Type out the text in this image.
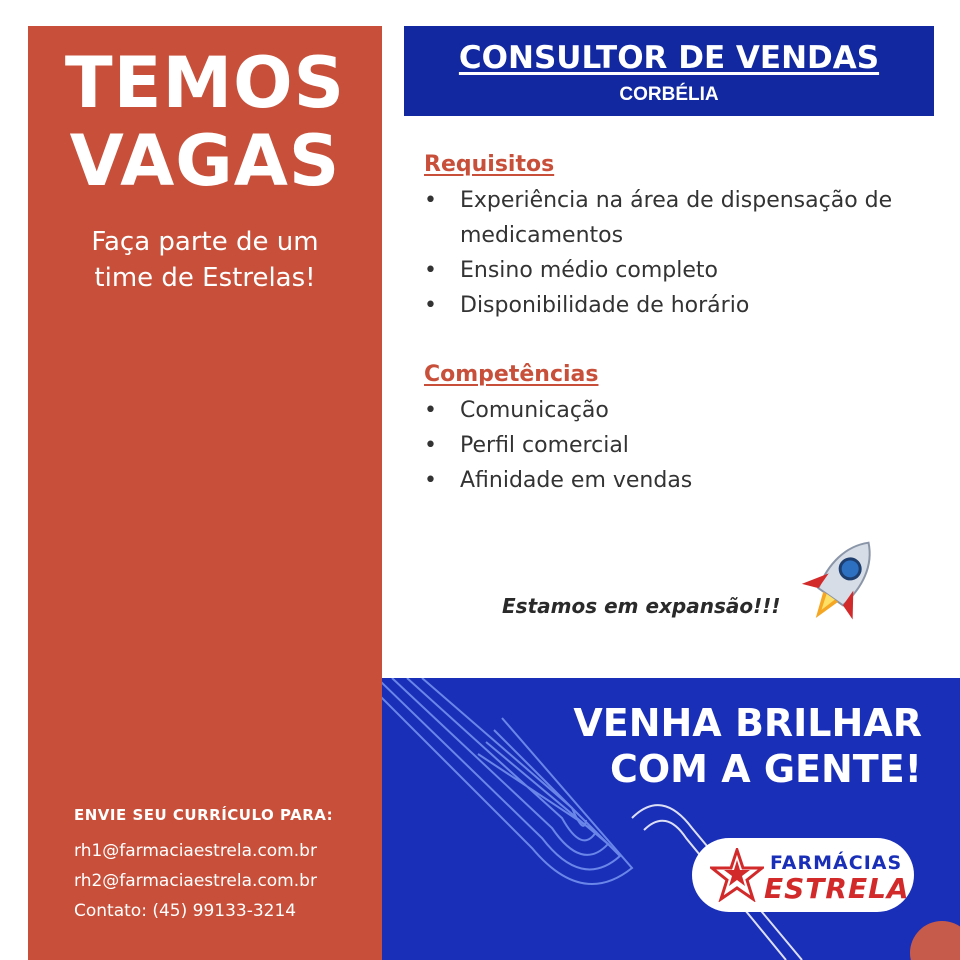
TEMOS
VAGAS
Faça parte de um
time de Estrelas!
ENVIE SEU CURRÍCULO PARA:
rh1@farmaciaestrela.com.br
rh2@farmaciaestrela.com.br
Contato: (45) 99133-3214
CONSULTOR DE VENDAS
CORBÉLIA
Requisitos
• Experiência na área de dispensação de medicamentos
• Ensino médio completo
• Disponibilidade de horário
Competências
• Comunicação
• Perfil comercial
• Afinidade em vendas
Estamos em expansão!!!
VENHA BRILHAR
COM A GENTE!
FARMÁCIAS
ESTRELA
